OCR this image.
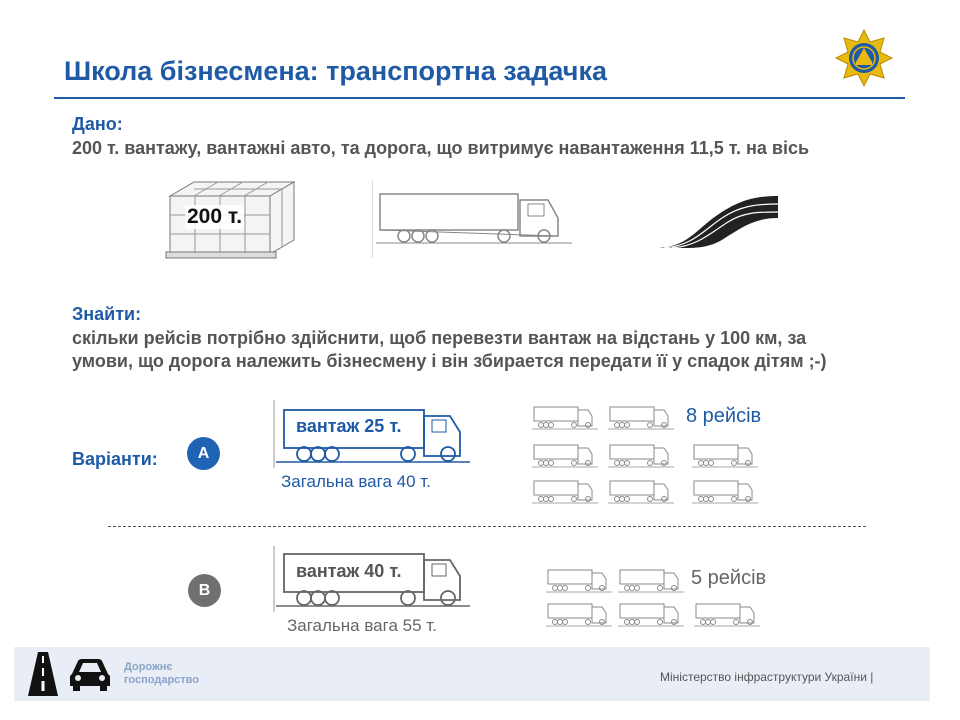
Школа бізнесмена: транспортна задачка
Дано:
200 т. вантажу, вантажні авто, та дорога, що витримує навантаження 11,5 т. на вісь
200 т.
Знайти:
скільки рейсів потрібно здійснити, щоб перевезти вантаж на відстань у 100 км, за умови, що дорога належить бізнесмену і він збирается передати її у спадок дітям ;-)
Варіанти:	A
вантаж 25 т.
Загальна вага 40 т.
8 рейсів
B
вантаж 40 т.
Загальна вага 55 т.
5 рейсів
Дорожнє
господарство	Міністерство інфраструктури України |
